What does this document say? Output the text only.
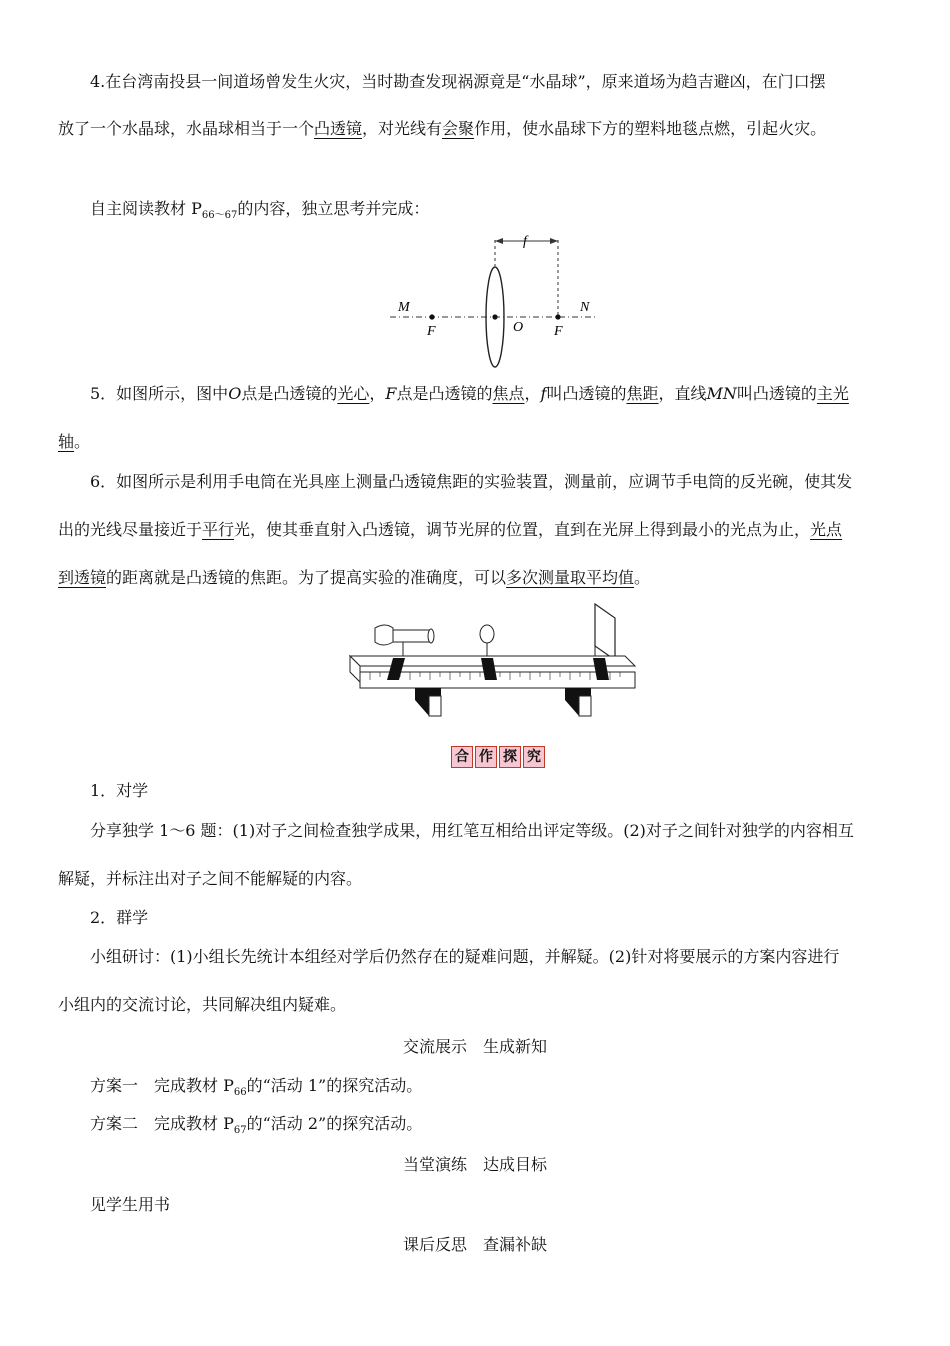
4.在台湾南投县一间道场曾发生火灾，当时勘查发现祸源竟是“水晶球”，原来道场为趋吉避凶，在门口摆

放了一个水晶球，水晶球相当于一个凸透镜，对光线有会聚作用，使水晶球下方的塑料地毯点燃，引起火灾。

自主阅读教材 $P_{66\sim 67}$的内容，独立思考并完成：

f
M	N
F	O F

5．如图所示，图中O点是凸透镜的光心，F点是凸透镜的焦点，f叫凸透镜的焦距，直线MN叫凸透镜的主光

轴。

6．如图所示是利用手电筒在光具座上测量凸透镜焦距的实验装置，测量前，应调节手电筒的反光碗，使其发

出的光线尽量接近于平行光，使其垂直射入凸透镜，调节光屏的位置，直到在光屏上得到最小的光点为止，光点

到透镜的距离就是凸透镜的焦距。为了提高实验的准确度，可以多次测量取平均值。

合 作 探 究

1．对学

分享独学 1～6 题：(1)对子之间检查独学成果，用红笔互相给出评定等级。(2)对子之间针对独学的内容相互

解疑，并标注出对子之间不能解疑的内容。

2．群学

小组研讨：(1)小组长先统计本组经对学后仍然存在的疑难问题，并解疑。(2)针对将要展示的方案内容进行

小组内的交流讨论，共同解决组内疑难。

交流展示　生成新知

方案一　完成教材 $P_{66}$的“活动 1”的探究活动。

方案二　完成教材 $P_{67}$的“活动 2”的探究活动。

当堂演练　达成目标

见学生用书

课后反思　查漏补缺
